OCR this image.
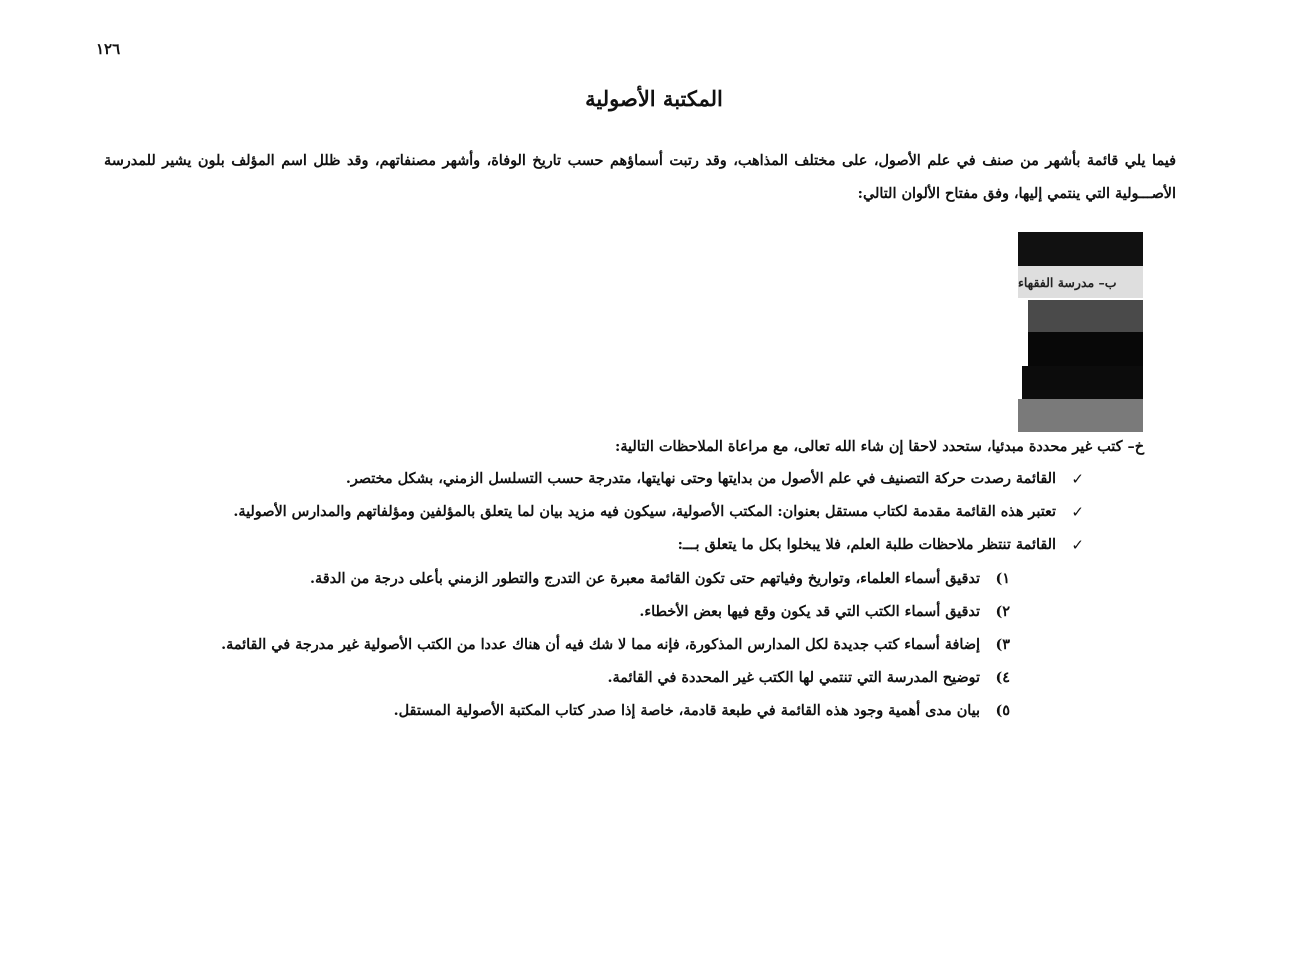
١٢٦
المكتبة الأصولية
فيما يلي قائمة بأشهر من صنف في علم الأصول، على مختلف المذاهب، وقد رتبت أسماؤهم حسب تاريخ الوفاة، وأشهر مصنفاتهم، وقد ظلل اسم المؤلف بلون يشير للمدرسة الأصـــولية التي ينتمي إليها، وفق مفتاح الألوان التالي:
ب– مدرسة الفقهاء
خ– كتب غير محددة مبدئيا، ستحدد لاحقا إن شاء الله تعالى، مع مراعاة الملاحظات التالية:
✓
القائمة رصدت حركة التصنيف في علم الأصول من بدايتها وحتى نهايتها، متدرجة حسب التسلسل الزمني، بشكل مختصر.
✓
تعتبر هذه القائمة مقدمة لكتاب مستقل بعنوان: المكتب الأصولية، سيكون فيه مزيد بيان لما يتعلق بالمؤلفين ومؤلفاتهم والمدارس الأصولية.
✓
القائمة تنتظر ملاحظات طلبة العلم، فلا يبخلوا بكل ما يتعلق بـــ:
١)
تدقيق أسماء العلماء، وتواريخ وفياتهم حتى تكون القائمة معبرة عن التدرج والتطور الزمني بأعلى درجة من الدقة.
٢)
تدقيق أسماء الكتب التي قد يكون وقع فيها بعض الأخطاء.
٣)
إضافة أسماء كتب جديدة لكل المدارس المذكورة، فإنه مما لا شك فيه أن هناك عددا من الكتب الأصولية غير مدرجة في القائمة.
٤)
توضيح المدرسة التي تنتمي لها الكتب غير المحددة في القائمة.
٥)
بيان مدى أهمية وجود هذه القائمة في طبعة قادمة، خاصة إذا صدر كتاب المكتبة الأصولية المستقل.
